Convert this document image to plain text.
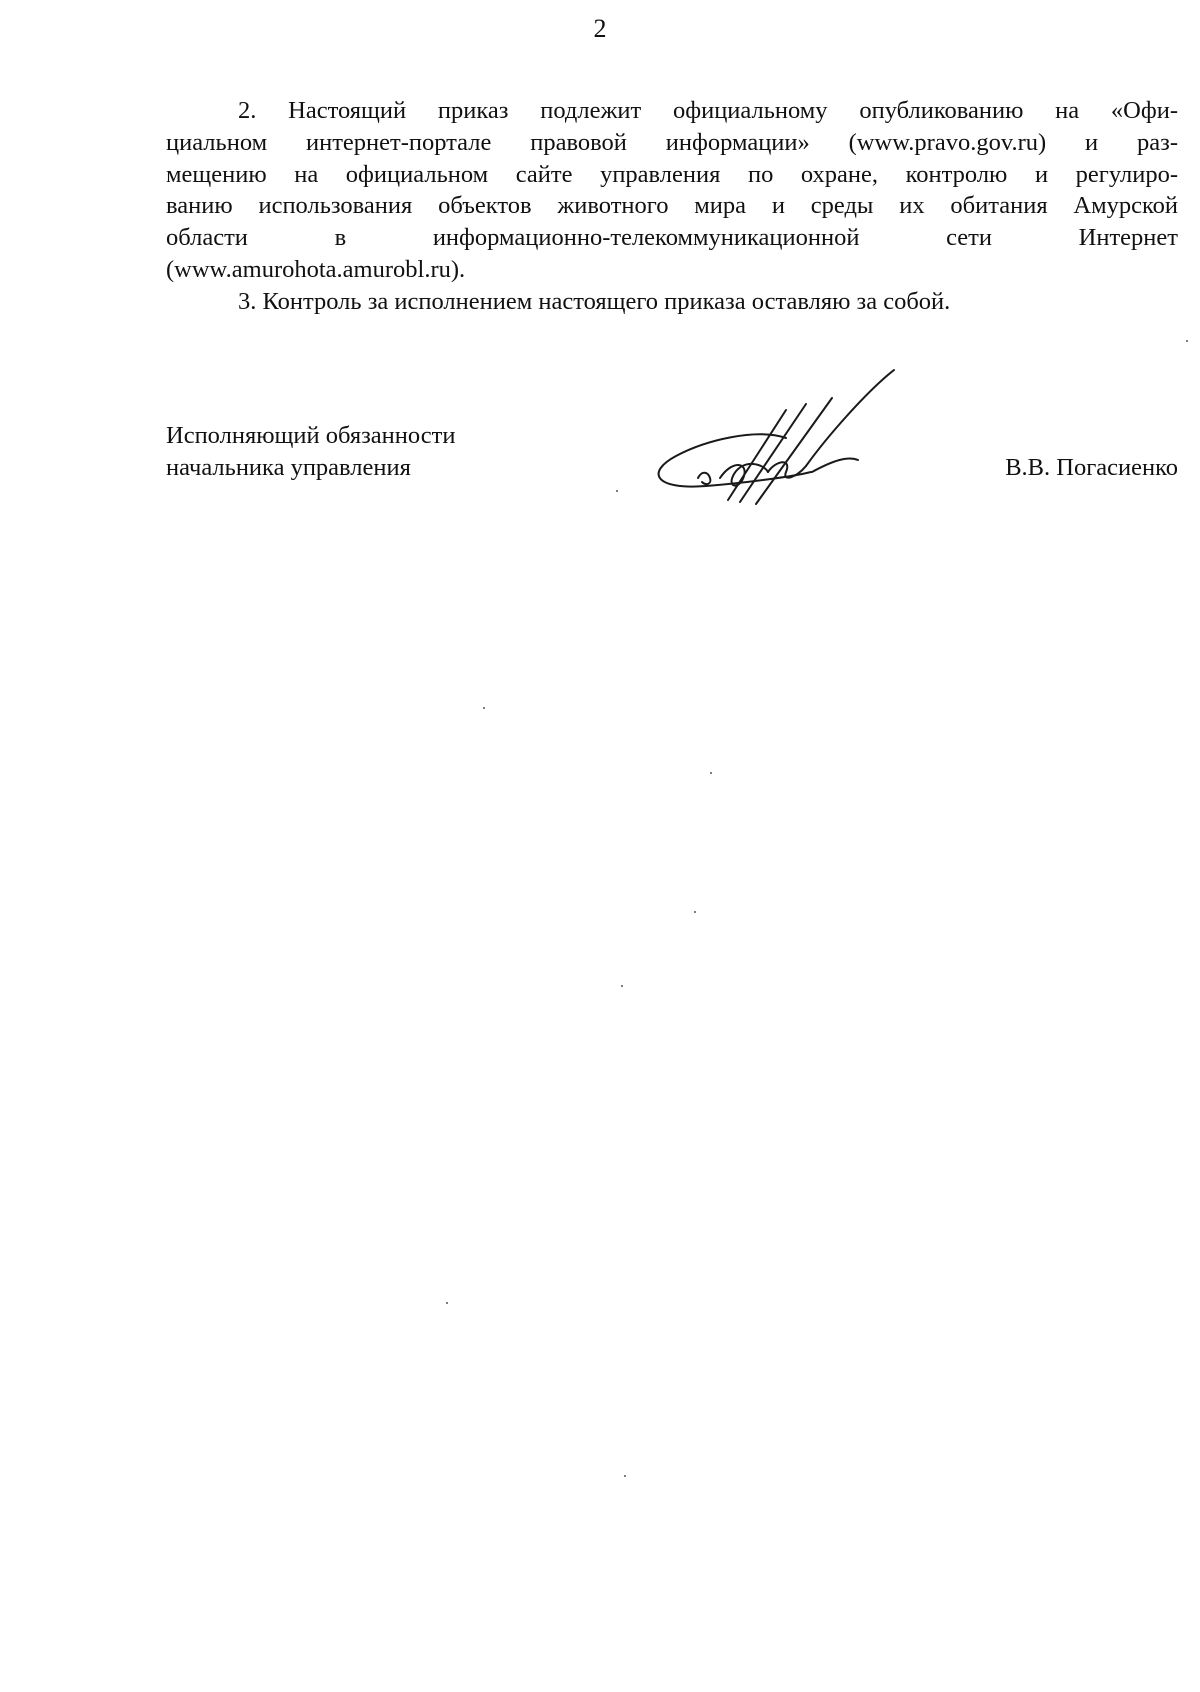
2

2. Настоящий приказ подлежит официальному опубликованию на «Офи-
циальном интернет-портале правовой информации» (www.pravo.gov.ru) и раз-
мещению на официальном сайте управления по охране, контролю и регулиро-
ванию использования объектов животного мира и среды их обитания Амурской
области в информационно-телекоммуникационной сети Интернет
(www.amurohota.amurobl.ru).

3. Контроль за исполнением настоящего приказа оставляю за собой.

Исполняющий обязанности
начальника управления	В.В. Погасиенко
